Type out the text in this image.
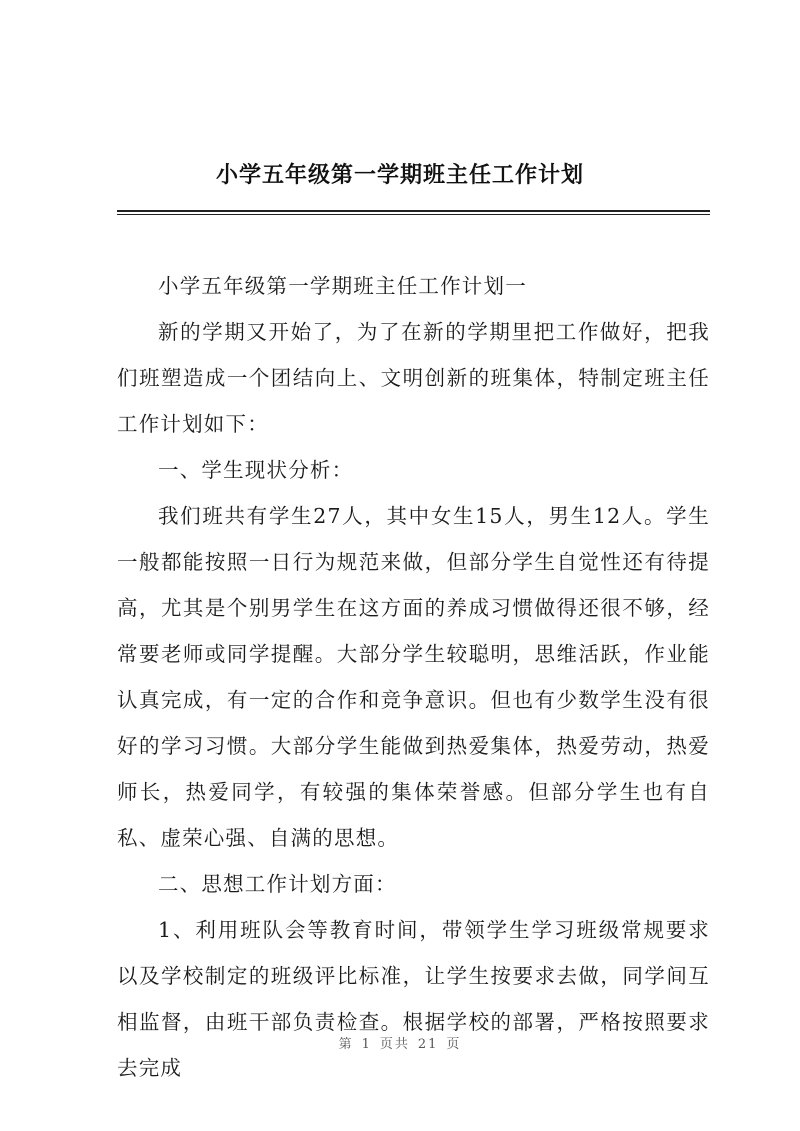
小学五年级第一学期班主任工作计划

小学五年级第一学期班主任工作计划一

新的学期又开始了，为了在新的学期里把工作做好，把我们班塑造成一个团结向上、文明创新的班集体，特制定班主任工作计划如下：

一、学生现状分析：

我们班共有学生27人，其中女生15人，男生12人。学生一般都能按照一日行为规范来做，但部分学生自觉性还有待提高，尤其是个别男学生在这方面的养成习惯做得还很不够，经常要老师或同学提醒。大部分学生较聪明，思维活跃，作业能认真完成，有一定的合作和竞争意识。但也有少数学生没有很好的学习习惯。大部分学生能做到热爱集体，热爱劳动，热爱师长，热爱同学，有较强的集体荣誉感。但部分学生也有自私、虚荣心强、自满的思想。

二、思想工作计划方面：

1、利用班队会等教育时间，带领学生学习班级常规要求以及学校制定的班级评比标准，让学生按要求去做，同学间互相监督，由班干部负责检查。根据学校的部署，严格按照要求去完成

第 1 页共 21 页
